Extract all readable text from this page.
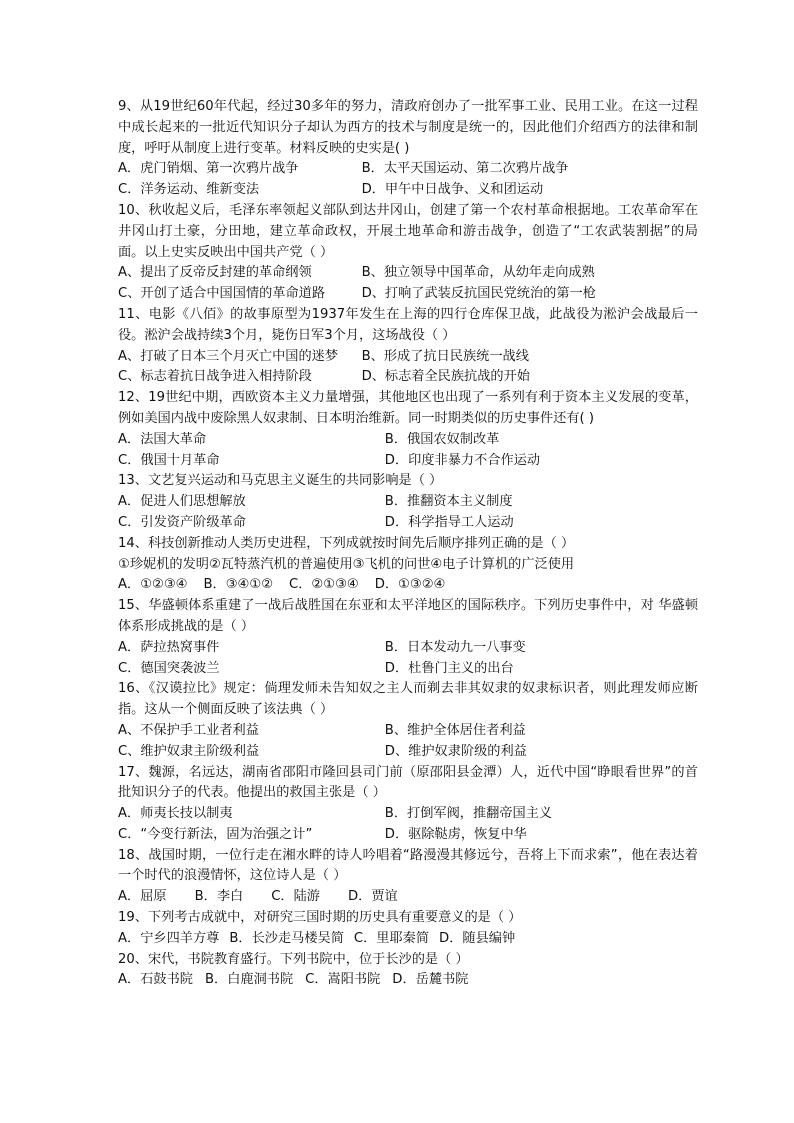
9、从19世纪60年代起，经过30多年的努力，清政府创办了一批军事工业、民用工业。在这一过程中成长起来的一批近代知识分子却认为西方的技术与制度是统一的，因此他们介绍西方的法律和制度，呼吁从制度上进行变革。材料反映的史实是( )

A．虎门销烟、第一次鸦片战争	B．太平天国运动、第二次鸦片战争
C．洋务运动、维新变法	D．甲午中日战争、义和团运动

10、秋收起义后，毛泽东率领起义部队到达井冈山，创建了第一个农村革命根据地。工农革命军在井冈山打土豪，分田地，建立革命政权，开展土地革命和游击战争，创造了“工农武装割据”的局面。以上史实反映出中国共产党（ ）

A、提出了反帝反封建的革命纲领	B、独立领导中国革命，从幼年走向成熟
C、开创了适合中国国情的革命道路	D、打响了武装反抗国民党统治的第一枪

11、电影《八佰》的故事原型为1937年发生在上海的四行仓库保卫战，此战役为淞沪会战最后一役。淞沪会战持续3个月，毙伤日军3个月，这场战役（ ）

A、打破了日本三个月灭亡中国的迷梦	B、形成了抗日民族统一战线
C、标志着抗日战争进入相持阶段	D、标志着全民族抗战的开始

12、19世纪中期，西欧资本主义力量增强，其他地区也出现了一系列有利于资本主义发展的变革，例如美国内战中废除黑人奴隶制、日本明治维新。同一时期类似的历史事件还有( )

A．法国大革命	B．俄国农奴制改革
C．俄国十月革命	D．印度非暴力不合作运动

13、文艺复兴运动和马克思主义诞生的共同影响是（ ）

A．促进人们思想解放	B．推翻资本主义制度
C．引发资产阶级革命	D．科学指导工人运动

14、科技创新推动人类历史进程，下列成就按时间先后顺序排列正确的是（ ）

①珍妮机的发明②瓦特蒸汽机的普遍使用③飞机的问世④电子计算机的广泛使用
A．①②③④ B．③④①② C．②①③④ D．①③②④

15、华盛顿体系重建了一战后战胜国在东亚和太平洋地区的国际秩序。下列历史事件中，对 华盛顿体系形成挑战的是（ ）

A．萨拉热窝事件	B．日本发动九一八事变
C．德国突袭波兰	D．杜鲁门主义的出台

16、《汉谟拉比》规定：倘理发师未告知奴之主人而剃去非其奴隶的奴隶标识者，则此理发师应断指。这从一个侧面反映了该法典（ ）

A、不保护手工业者利益	B、维护全体居住者利益
C、维护奴隶主阶级利益	D、维护奴隶阶级的利益

17、魏源，名远达，湖南省邵阳市隆回县司门前（原邵阳县金潭）人，近代中国“睁眼看世界”的首批知识分子的代表。他提出的救国主张是（ ）

A．师夷长技以制夷	B．打倒军阀，推翻帝国主义
C．“今变行新法，固为治强之计”	D．驱除鞑虏，恢复中华

18、战国时期，一位行走在湘水畔的诗人吟唱着“路漫漫其修远兮，吾将上下而求索”，他在表达着一个时代的浪漫情怀，这位诗人是（ ）

A．屈原 B．李白 C．陆游 D．贾谊

19、下列考古成就中，对研究三国时期的历史具有重要意义的是（ ）

A．宁乡四羊方尊 B．长沙走马楼吴简 C．里耶秦简 D．随县编钟

20、宋代，书院教育盛行。下列书院中，位于长沙的是（ ）

A．石鼓书院 B．白鹿洞书院 C．嵩阳书院 D．岳麓书院
